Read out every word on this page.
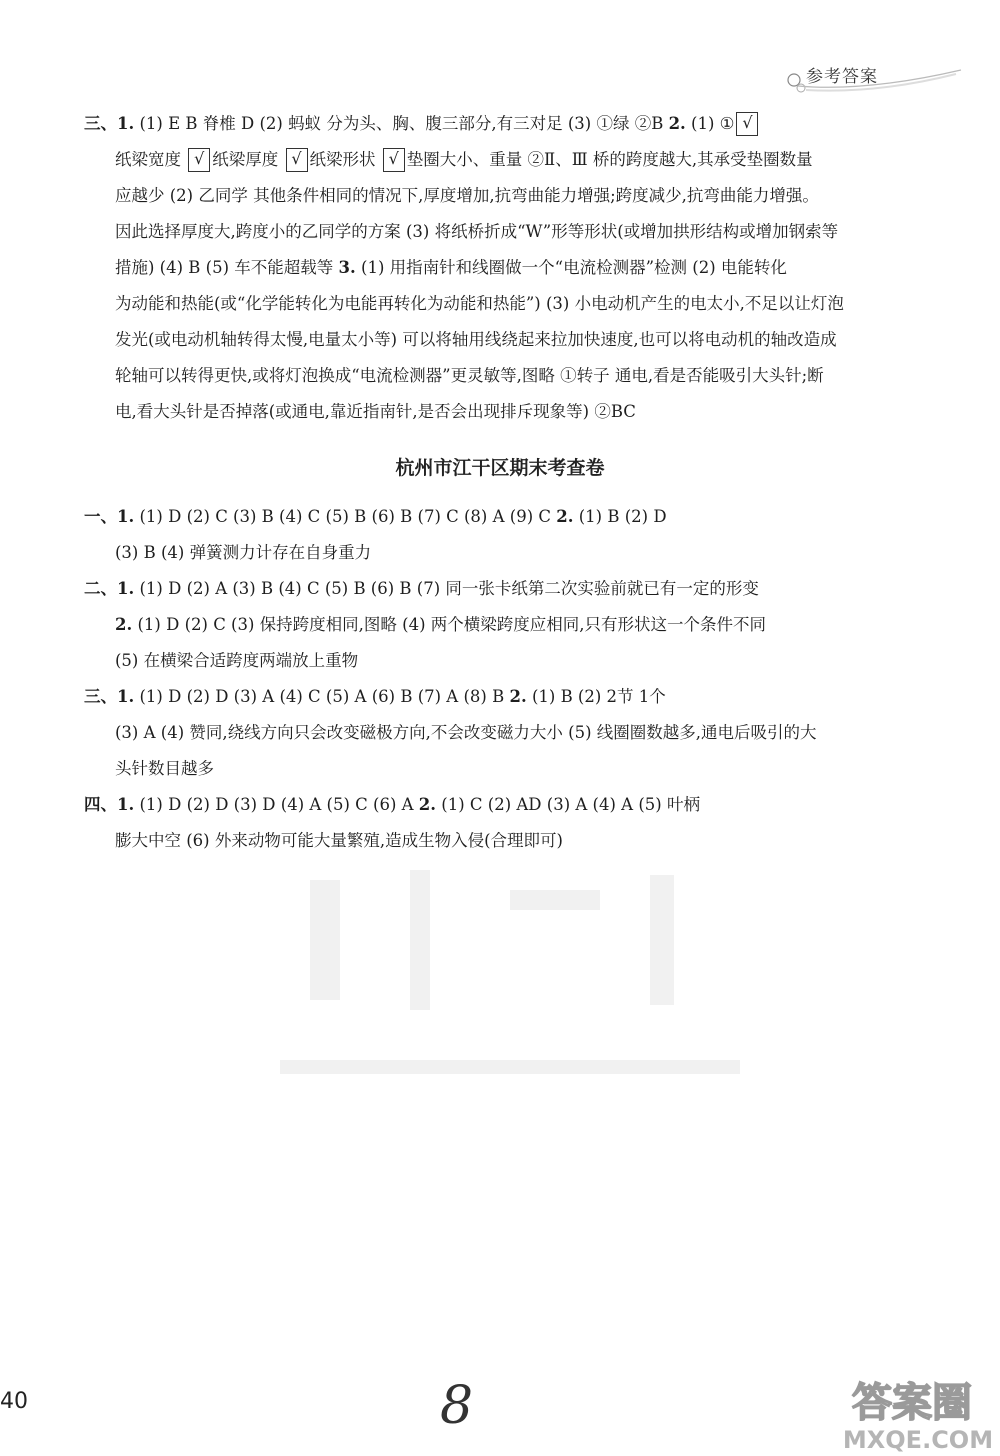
参考答案
三、1. (1) E B 脊椎 D (2) 蚂蚁 分为头、胸、腹三部分,有三对足 (3) ①绿 ②B 2. (1) ① √
纸梁宽度 √ 纸梁厚度 √ 纸梁形状 √ 垫圈大小、重量 ②Ⅱ、Ⅲ 桥的跨度越大,其承受垫圈数量
应越少 (2) 乙同学 其他条件相同的情况下,厚度增加,抗弯曲能力增强;跨度减少,抗弯曲能力增强。
因此选择厚度大,跨度小的乙同学的方案 (3) 将纸桥折成“W”形等形状(或增加拱形结构或增加钢索等
措施) (4) B (5) 车不能超载等 3. (1) 用指南针和线圈做一个“电流检测器”检测 (2) 电能转化
为动能和热能(或“化学能转化为电能再转化为动能和热能”) (3) 小电动机产生的电太小,不足以让灯泡
发光(或电动机轴转得太慢,电量太小等) 可以将轴用线绕起来拉加快速度,也可以将电动机的轴改造成
轮轴可以转得更快,或将灯泡换成“电流检测器”更灵敏等,图略 ①转子 通电,看是否能吸引大头针;断
电,看大头针是否掉落(或通电,靠近指南针,是否会出现排斥现象等) ②BC
杭州市江干区期末考查卷
一、1. (1) D (2) C (3) B (4) C (5) B (6) B (7) C (8) A (9) C 2. (1) B (2) D
(3) B (4) 弹簧测力计存在自身重力
二、1. (1) D (2) A (3) B (4) C (5) B (6) B (7) 同一张卡纸第二次实验前就已有一定的形变
2. (1) D (2) C (3) 保持跨度相同,图略 (4) 两个横梁跨度应相同,只有形状这一个条件不同
(5) 在横梁合适跨度两端放上重物
三、1. (1) D (2) D (3) A (4) C (5) A (6) B (7) A (8) B 2. (1) B (2) 2节 1个
(3) A (4) 赞同,绕线方向只会改变磁极方向,不会改变磁力大小 (5) 线圈圈数越多,通电后吸引的大
头针数目越多
四、1. (1) D (2) D (3) D (4) A (5) C (6) A 2. (1) C (2) AD (3) A (4) A (5) 叶柄
膨大中空 (6) 外来动物可能大量繁殖,造成生物入侵(合理即可)
40	8	答案圈
MXQE.COM
